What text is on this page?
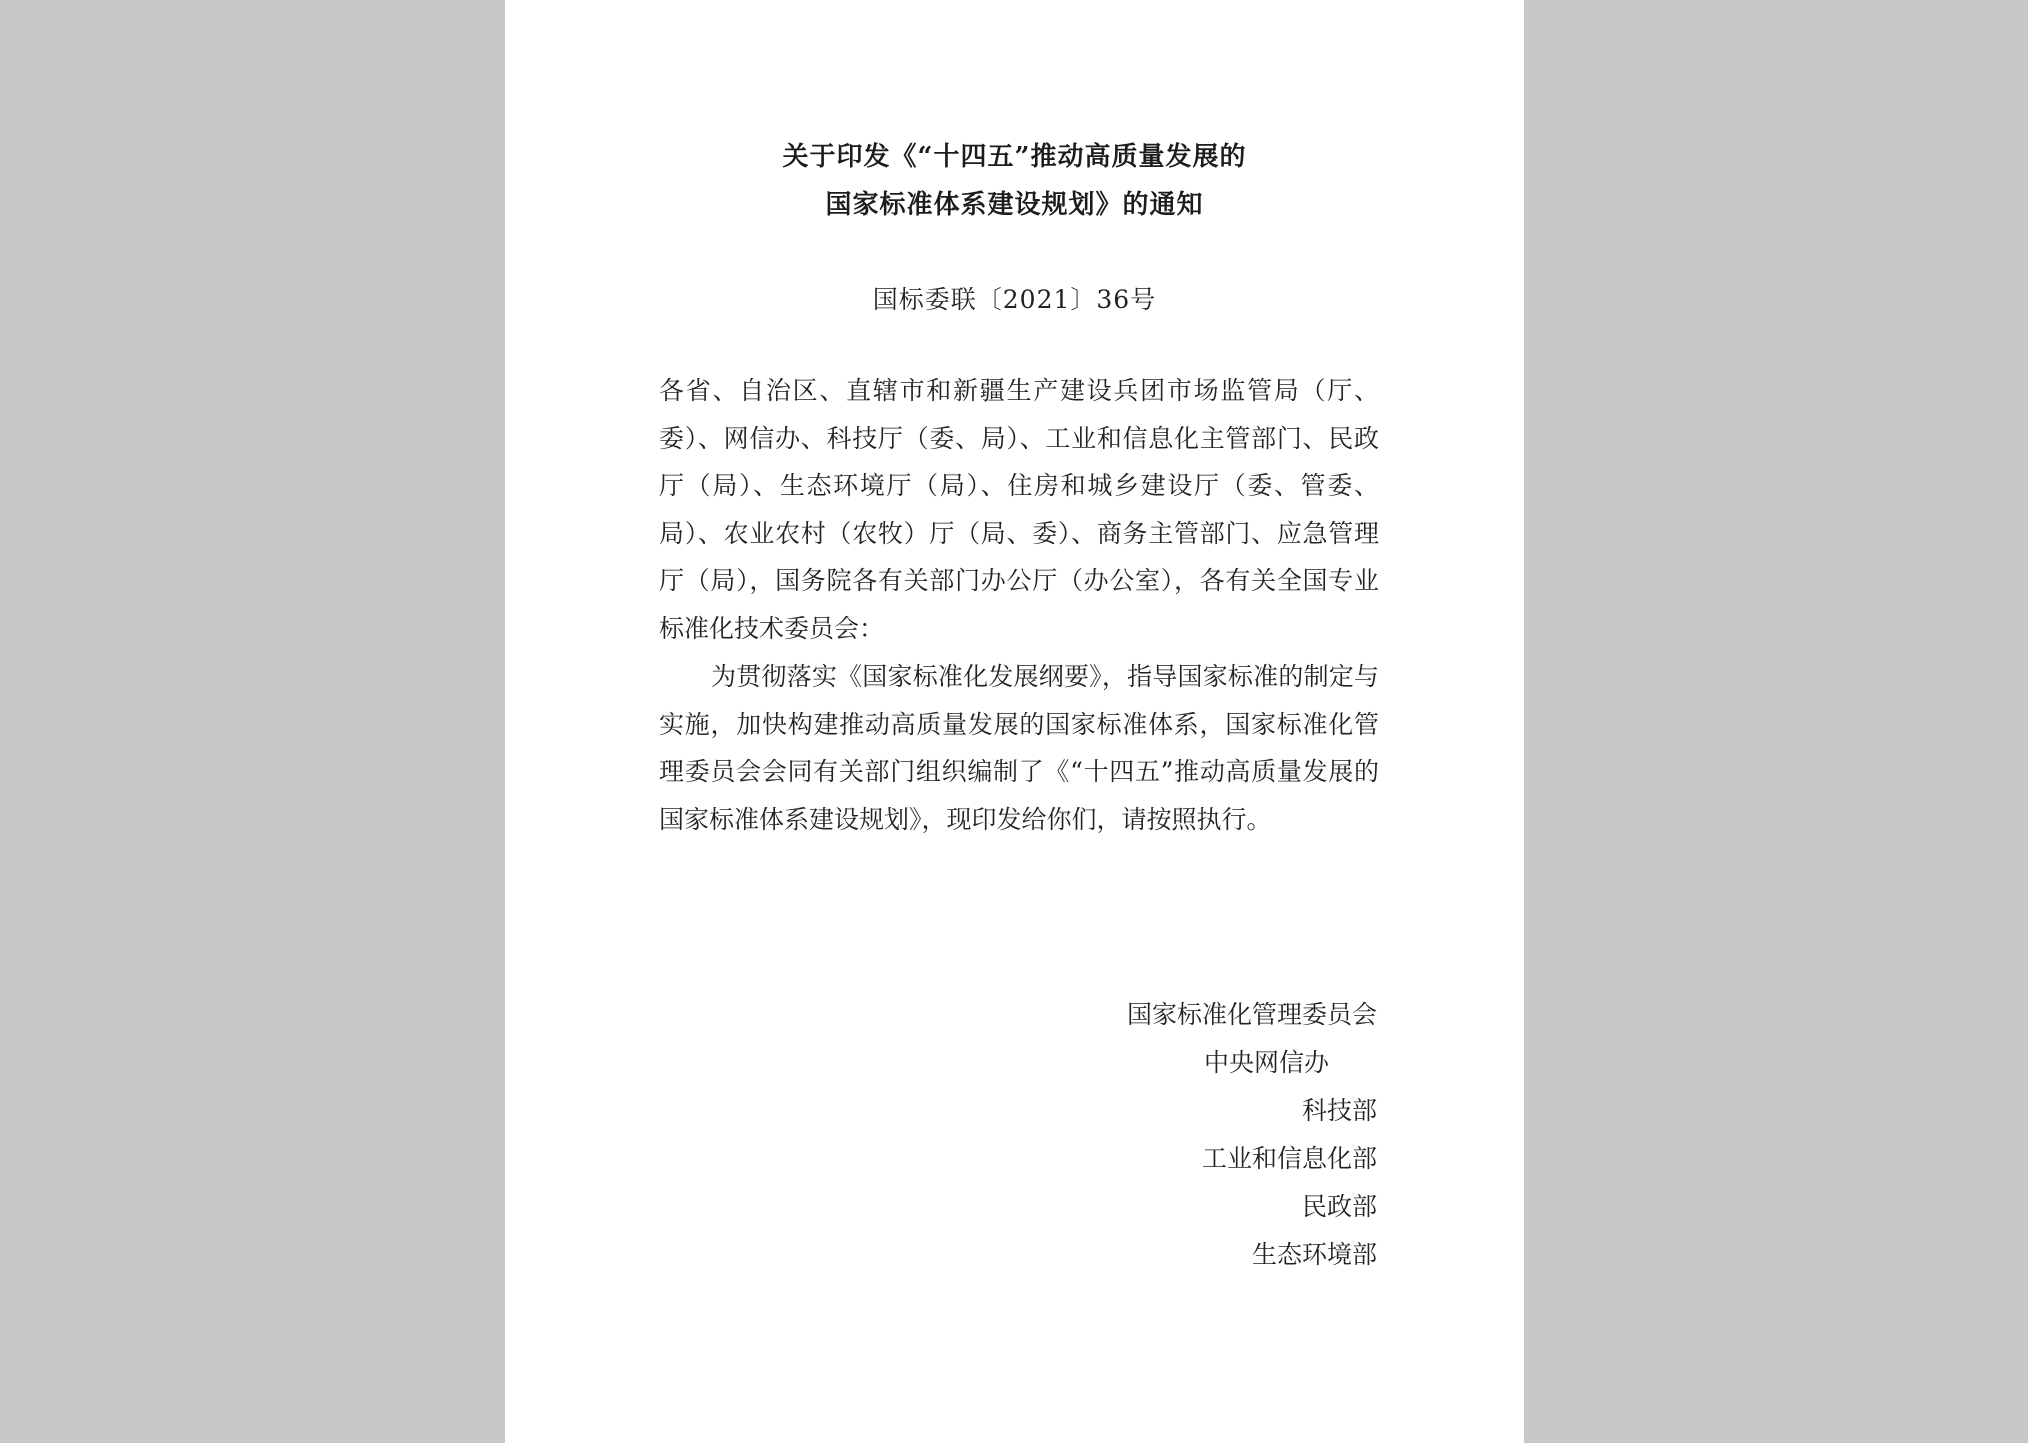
关于印发《“十四五”推动高质量发展的
国家标准体系建设规划》的通知
国标委联〔2021〕36号
各省、自治区、直辖市和新疆生产建设兵团市场监管局（厅、委）、网信办、科技厅（委、局）、工业和信息化主管部门、民政厅（局）、生态环境厅（局）、住房和城乡建设厅（委、管委、局）、农业农村（农牧）厅（局、委）、商务主管部门、应急管理厅（局），国务院各有关部门办公厅（办公室），各有关全国专业标准化技术委员会：
为贯彻落实《国家标准化发展纲要》，指导国家标准的制定与实施，加快构建推动高质量发展的国家标准体系，国家标准化管理委员会会同有关部门组织编制了《“十四五”推动高质量发展的国家标准体系建设规划》，现印发给你们，请按照执行。
国家标准化管理委员会
中央网信办
科技部
工业和信息化部
民政部
生态环境部
